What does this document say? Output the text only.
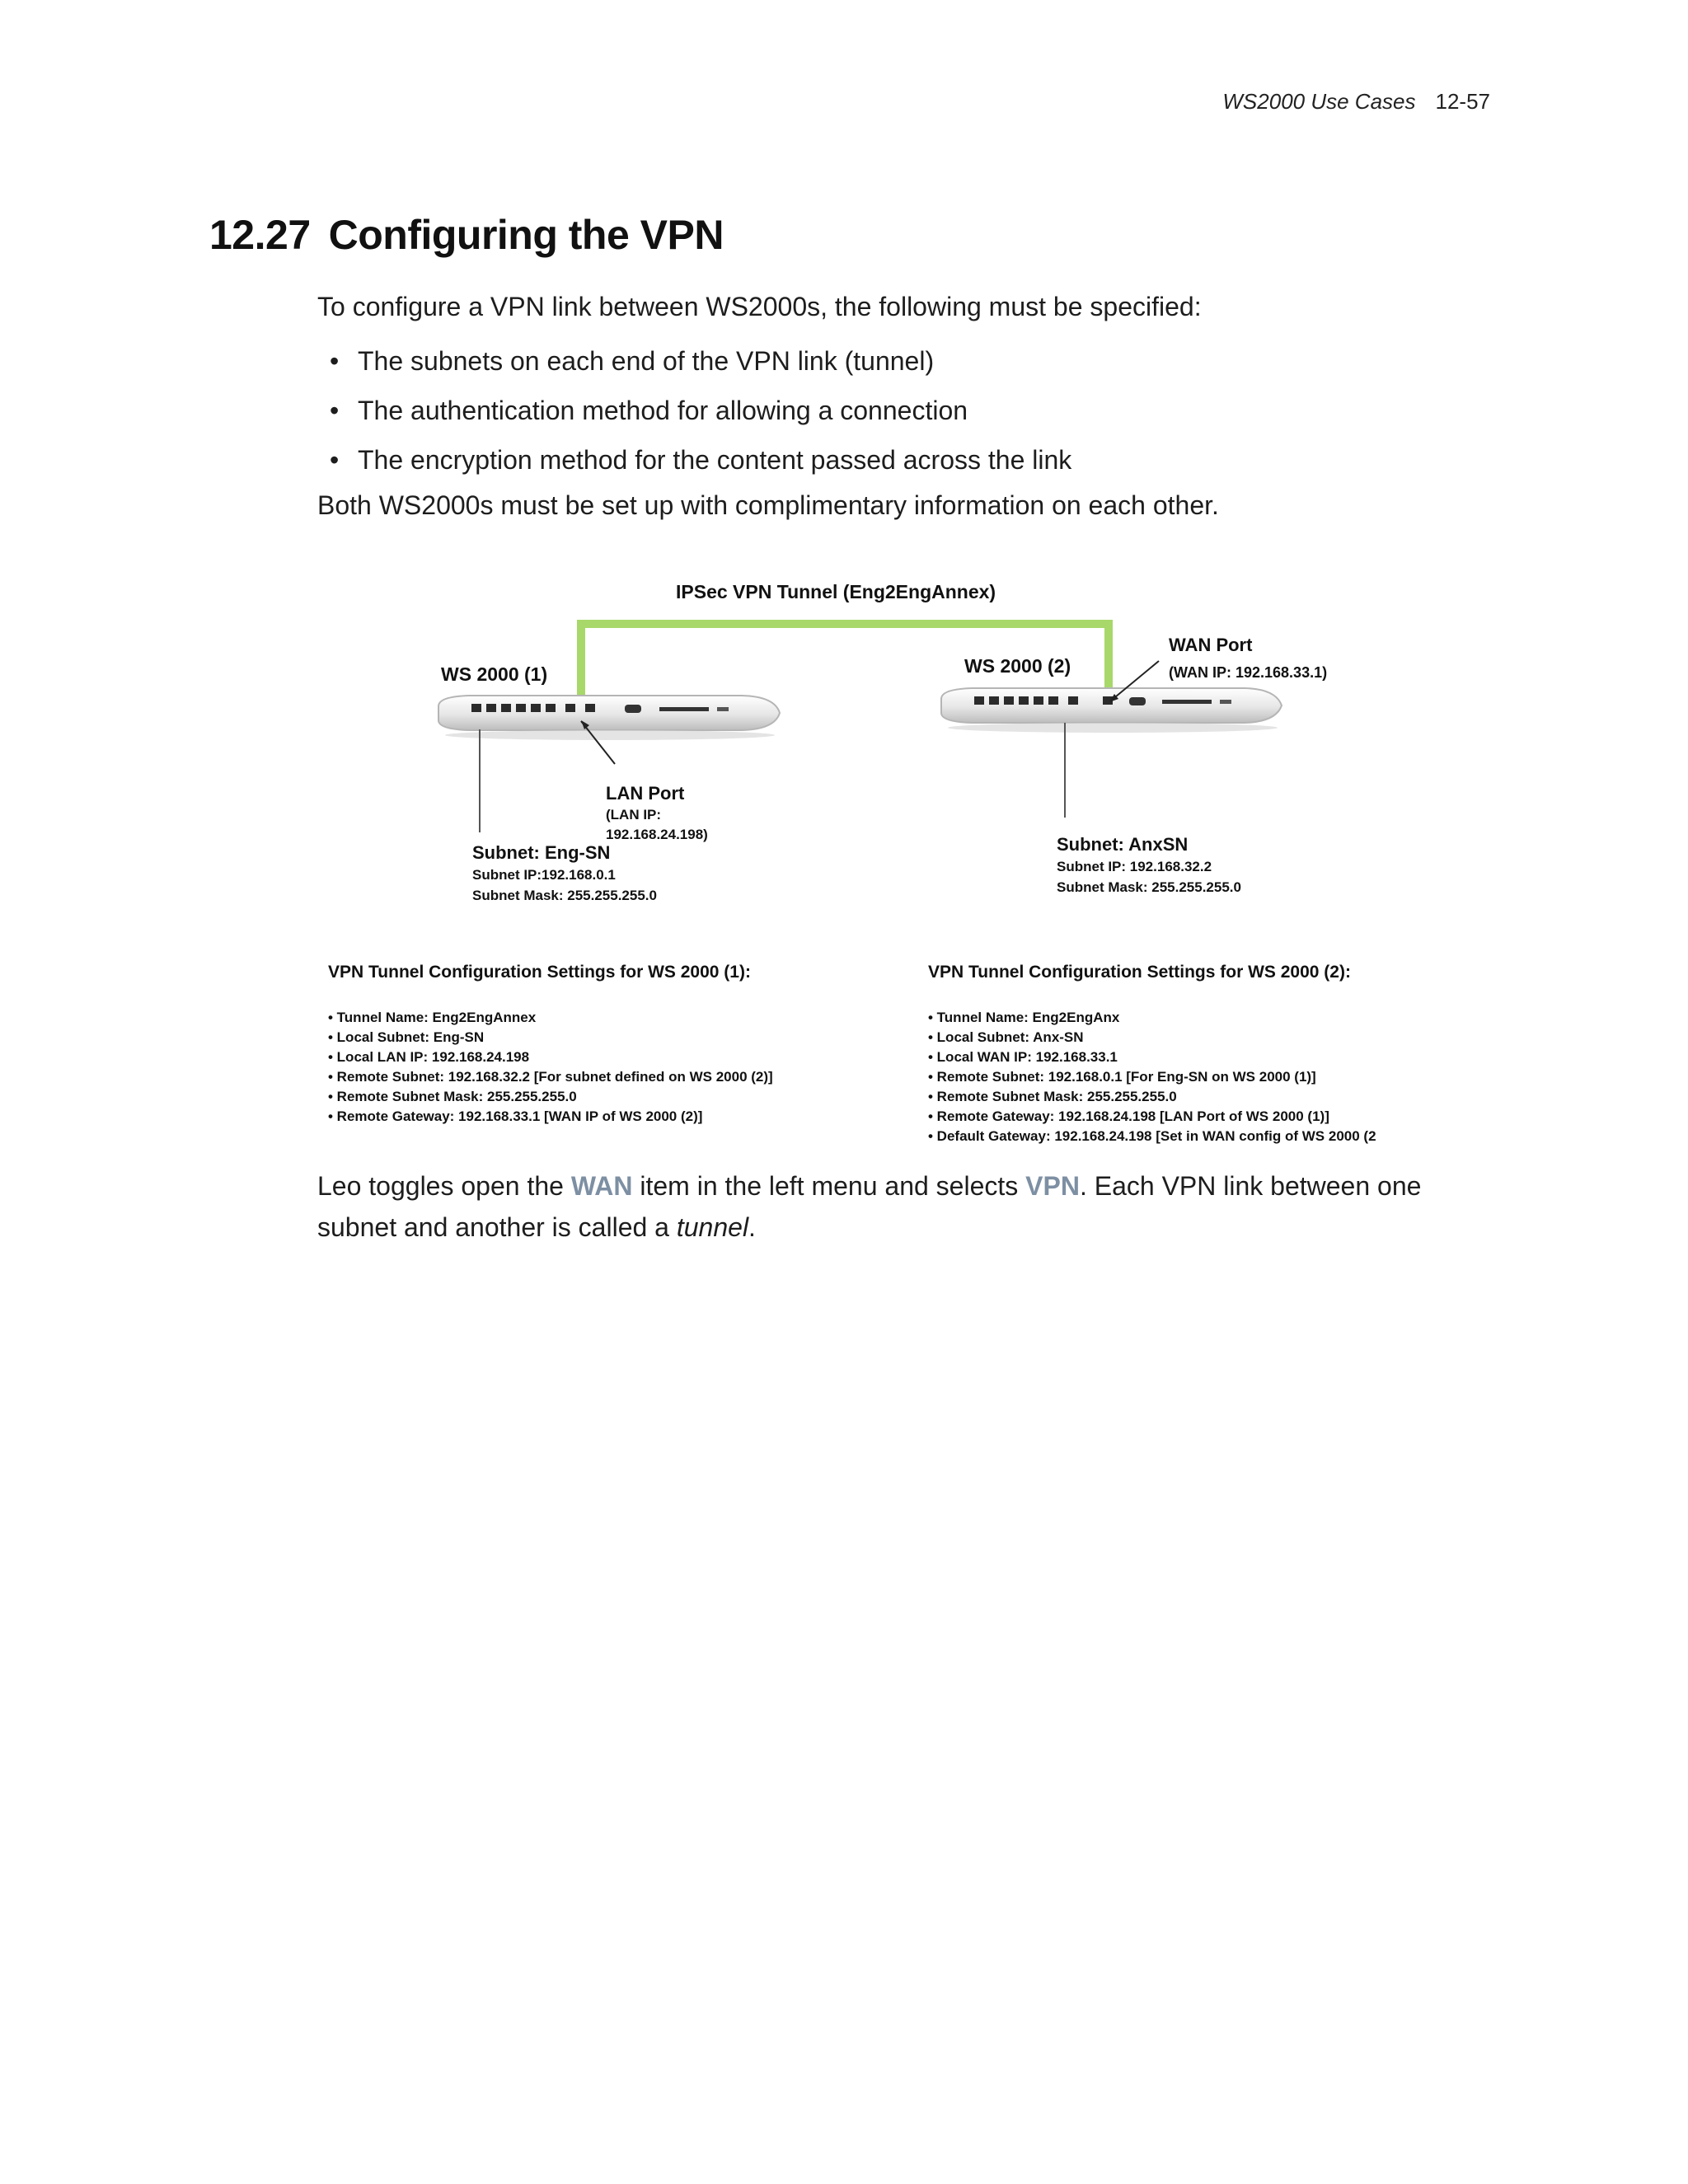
WS2000 Use Cases 12-57
12.27 Configuring the VPN
To configure a VPN link between WS2000s, the following must be specified:
• The subnets on each end of the VPN link (tunnel)
• The authentication method for allowing a connection
• The encryption method for the content passed across the link
Both WS2000s must be set up with complimentary information on each other.
IPSec VPN Tunnel (Eng2EngAnnex)
WS 2000 (1)
LAN Port
(LAN IP:
192.168.24.198)
Subnet: Eng-SN
Subnet IP:192.168.0.1
Subnet Mask: 255.255.255.0
WS 2000 (2)
WAN Port
(WAN IP: 192.168.33.1)
Subnet: AnxSN
Subnet IP: 192.168.32.2
Subnet Mask: 255.255.255.0
VPN Tunnel Configuration Settings for WS 2000 (1):
• Tunnel Name: Eng2EngAnnex
• Local Subnet: Eng-SN
• Local LAN IP: 192.168.24.198
• Remote Subnet: 192.168.32.2 [For subnet defined on WS 2000 (2)]
• Remote Subnet Mask: 255.255.255.0
• Remote Gateway: 192.168.33.1 [WAN IP of WS 2000 (2)]
VPN Tunnel Configuration Settings for WS 2000 (2):
• Tunnel Name: Eng2EngAnx
• Local Subnet: Anx-SN
• Local WAN IP: 192.168.33.1
• Remote Subnet: 192.168.0.1 [For Eng-SN on WS 2000 (1)]
• Remote Subnet Mask: 255.255.255.0
• Remote Gateway: 192.168.24.198 [LAN Port of WS 2000 (1)]
• Default Gateway: 192.168.24.198 [Set in WAN config of WS 2000 (2
Leo toggles open the WAN item in the left menu and selects VPN. Each VPN link between one subnet and another is called a tunnel.
